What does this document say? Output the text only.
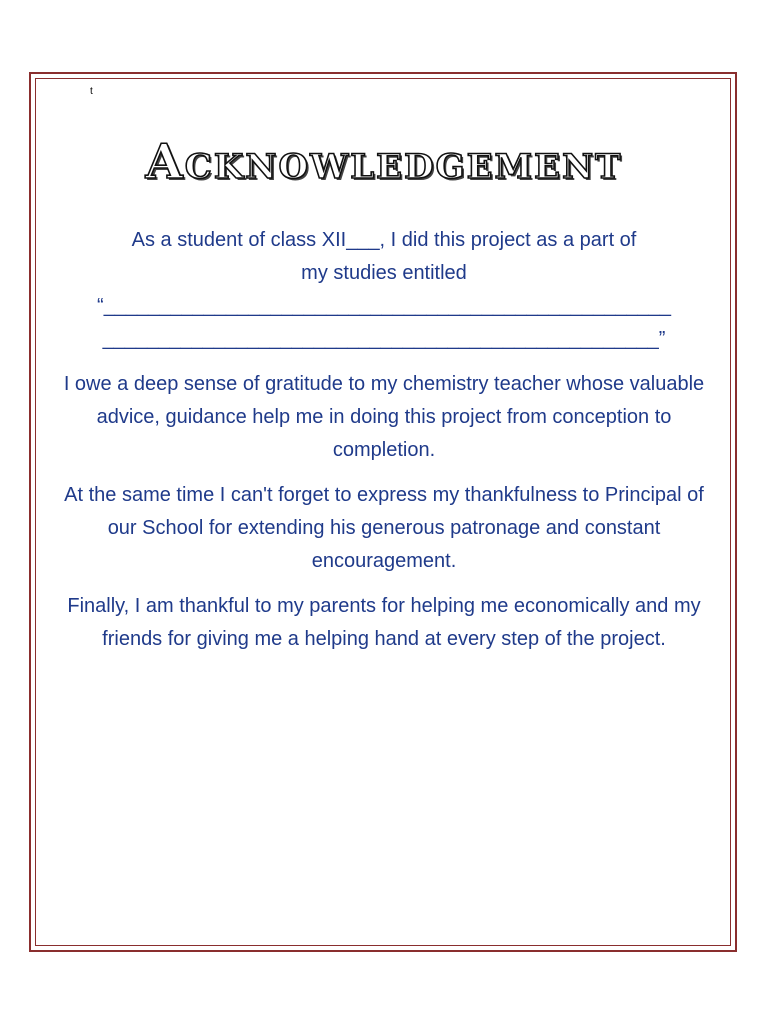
t
Acknowledgement

As a student of class XII___, I did this project as a part of
my studies entitled
“___________________________________________________
__________________________________________________”

I owe a deep sense of gratitude to my chemistry teacher whose valuable advice, guidance help me in doing this project from conception to completion.

At the same time I can't forget to express my thankfulness to Principal of our School for extending his generous patronage and constant encouragement.

Finally, I am thankful to my parents for helping me economically and my friends for giving me a helping hand at every step of the project.
